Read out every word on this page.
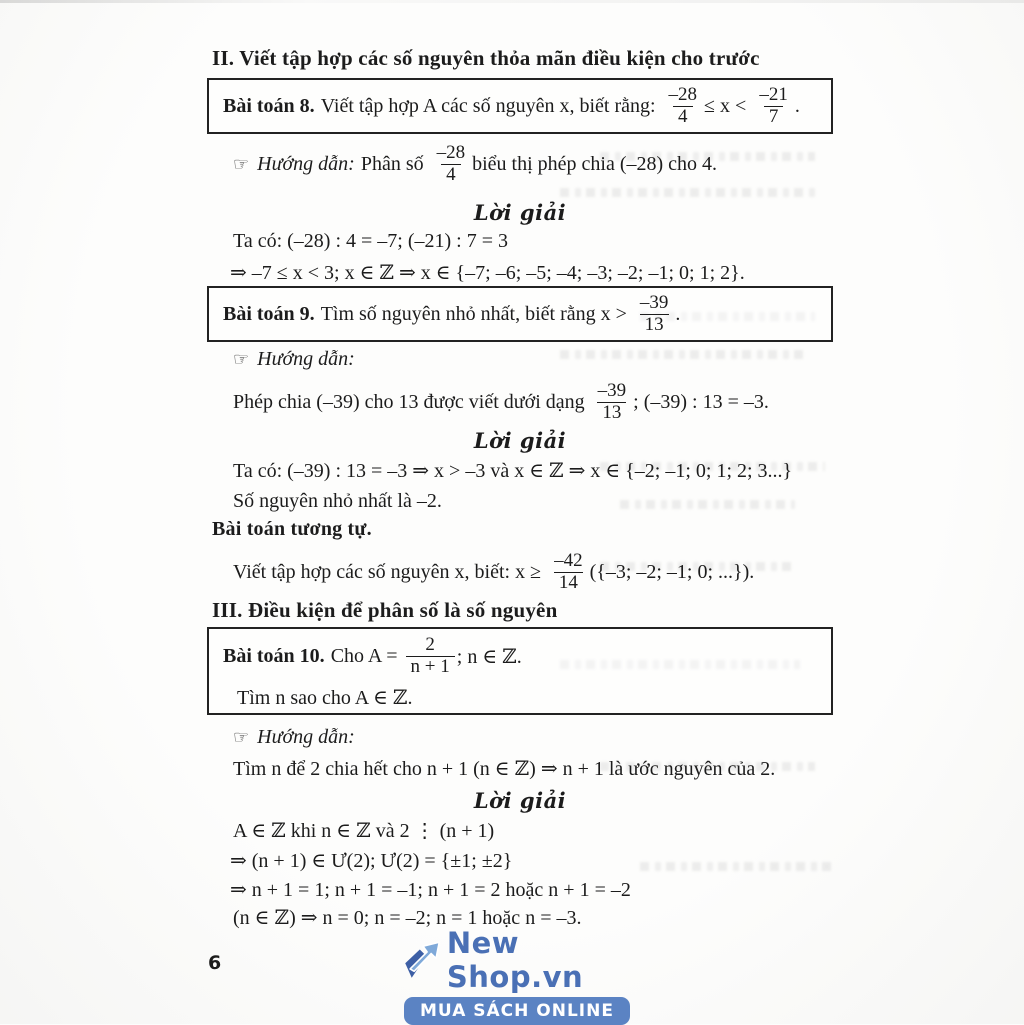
II. Viết tập hợp các số nguyên thỏa mãn điều kiện cho trước
Bài toán 8. Viết tập hợp A các số nguyên x, biết rằng: $\frac{-28}{4} \le x < \frac{-21}{7}$ .
☞ Hướng dẫn: Phân số $\frac{-28}{4}$ biểu thị phép chia (–28) cho 4.
Lời giải
Ta có: (–28) : 4 = –7; (–21) : 7 = 3
⇒ –7 ≤ x < 3; x ∈ ℤ ⇒ x ∈ {–7; –6; –5; –4; –3; –2; –1; 0; 1; 2}.
Bài toán 9. Tìm số nguyên nhỏ nhất, biết rằng $x > \frac{-39}{13}$ .
☞ Hướng dẫn:
Phép chia (–39) cho 13 được viết dưới dạng $\frac{-39}{13}$ ; (–39) : 13 = –3.
Lời giải
Ta có: (–39) : 13 = –3 ⇒ x > –3 và x ∈ ℤ ⇒ x ∈ {–2; –1; 0; 1; 2; 3...}
Số nguyên nhỏ nhất là –2.
Bài toán tương tự.
Viết tập hợp các số nguyên x, biết: $x \ge \frac{-42}{14} (\{-3$; –2; –1; 0; ...}).
III. Điều kiện để phân số là số nguyên
Bài toán 10. Cho $A = \frac{2}{n + 1}$ ; n ∈ ℤ.
Tìm n sao cho A ∈ ℤ.
☞ Hướng dẫn:
Tìm n để 2 chia hết cho n + 1 (n ∈ ℤ) ⇒ n + 1 là ước nguyên của 2.
Lời giải
A ∈ ℤ khi n ∈ ℤ và 2 ⋮ (n + 1)
⇒ (n + 1) ∈ Ư(2); Ư(2) = {±1; ±2}
⇒ n + 1 = 1; n + 1 = –1; n + 1 = 2 hoặc n + 1 = –2
(n ∈ ℤ) ⇒ n = 0; n = –2; n = 1 hoặc n = –3.
6
New Shop.vn
MUA SÁCH ONLINE
